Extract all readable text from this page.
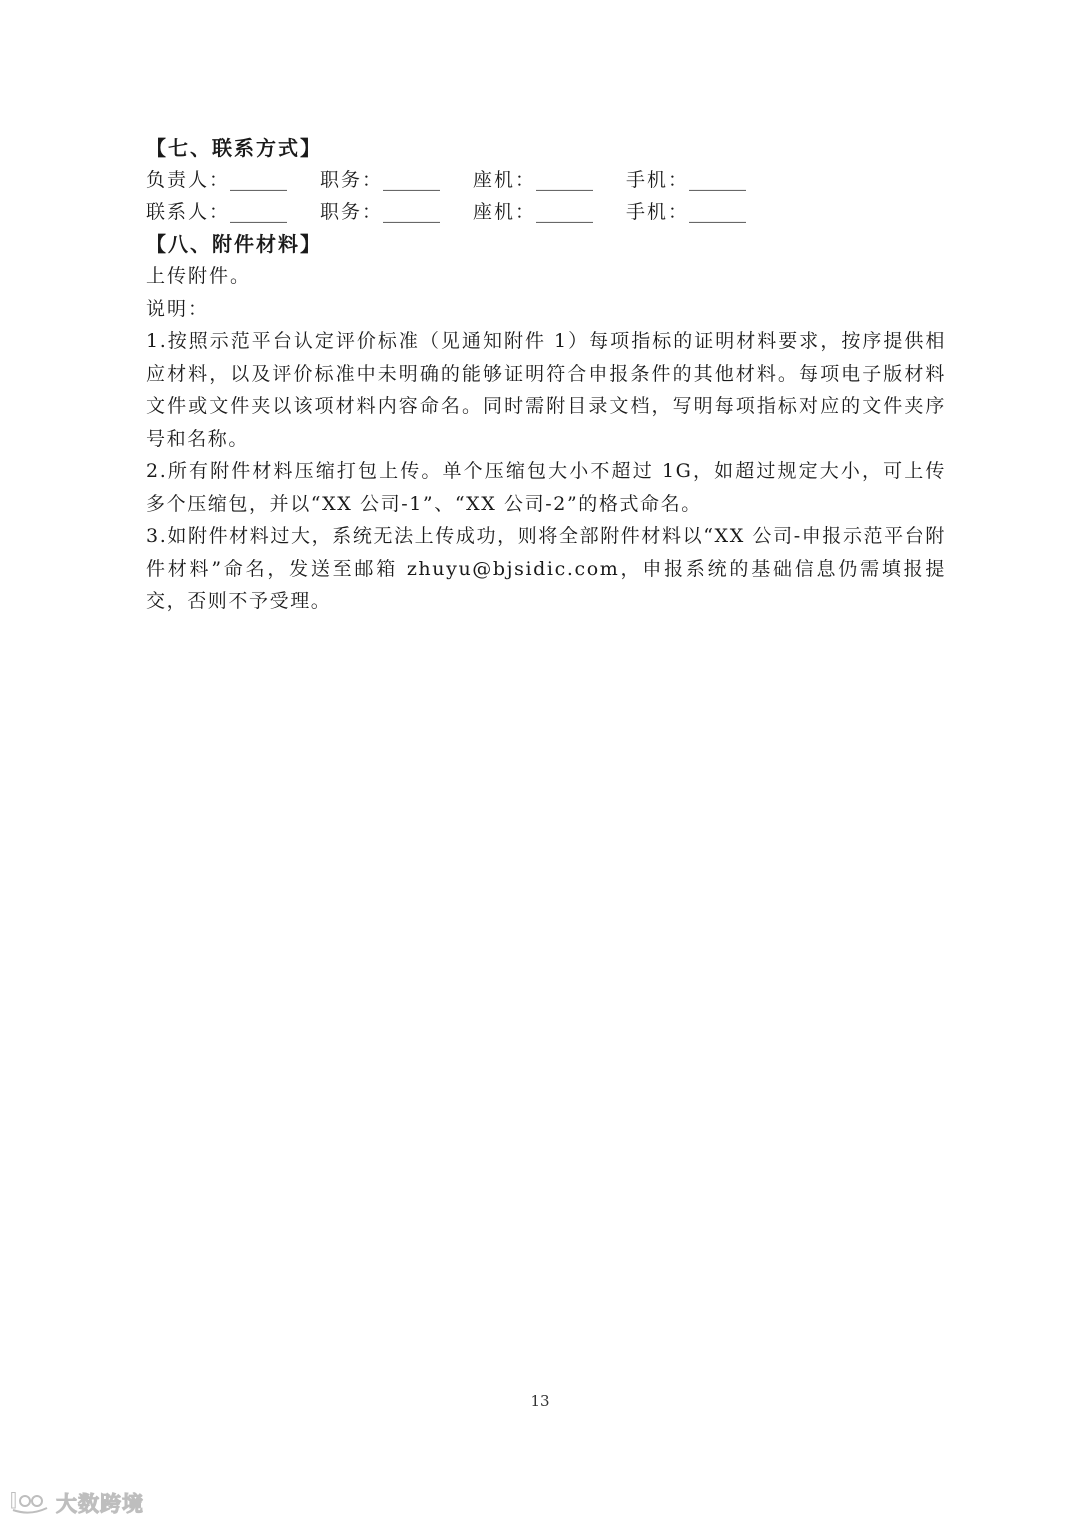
【七、联系方式】
负责人：______	职务：______	座机：______	手机：______
联系人：______	职务：______	座机：______	手机：______
【八、附件材料】

上传附件。

说明：

1.按照示范平台认定评价标准（见通知附件 1）每项指标的证明材料要求，按序提供相应材料，以及评价标准中未明确的能够证明符合申报条件的其他材料。每项电子版材料文件或文件夹以该项材料内容命名。同时需附目录文档，写明每项指标对应的文件夹序号和名称。

2.所有附件材料压缩打包上传。单个压缩包大小不超过 1G，如超过规定大小，可上传多个压缩包，并以“XX 公司-1”、“XX 公司-2”的格式命名。

3.如附件材料过大，系统无法上传成功，则将全部附件材料以“XX 公司-申报示范平台附件材料”命名，发送至邮箱 zhuyu@bjsidic.com，申报系统的基础信息仍需填报提交，否则不予受理。

13
l 大数跨境
